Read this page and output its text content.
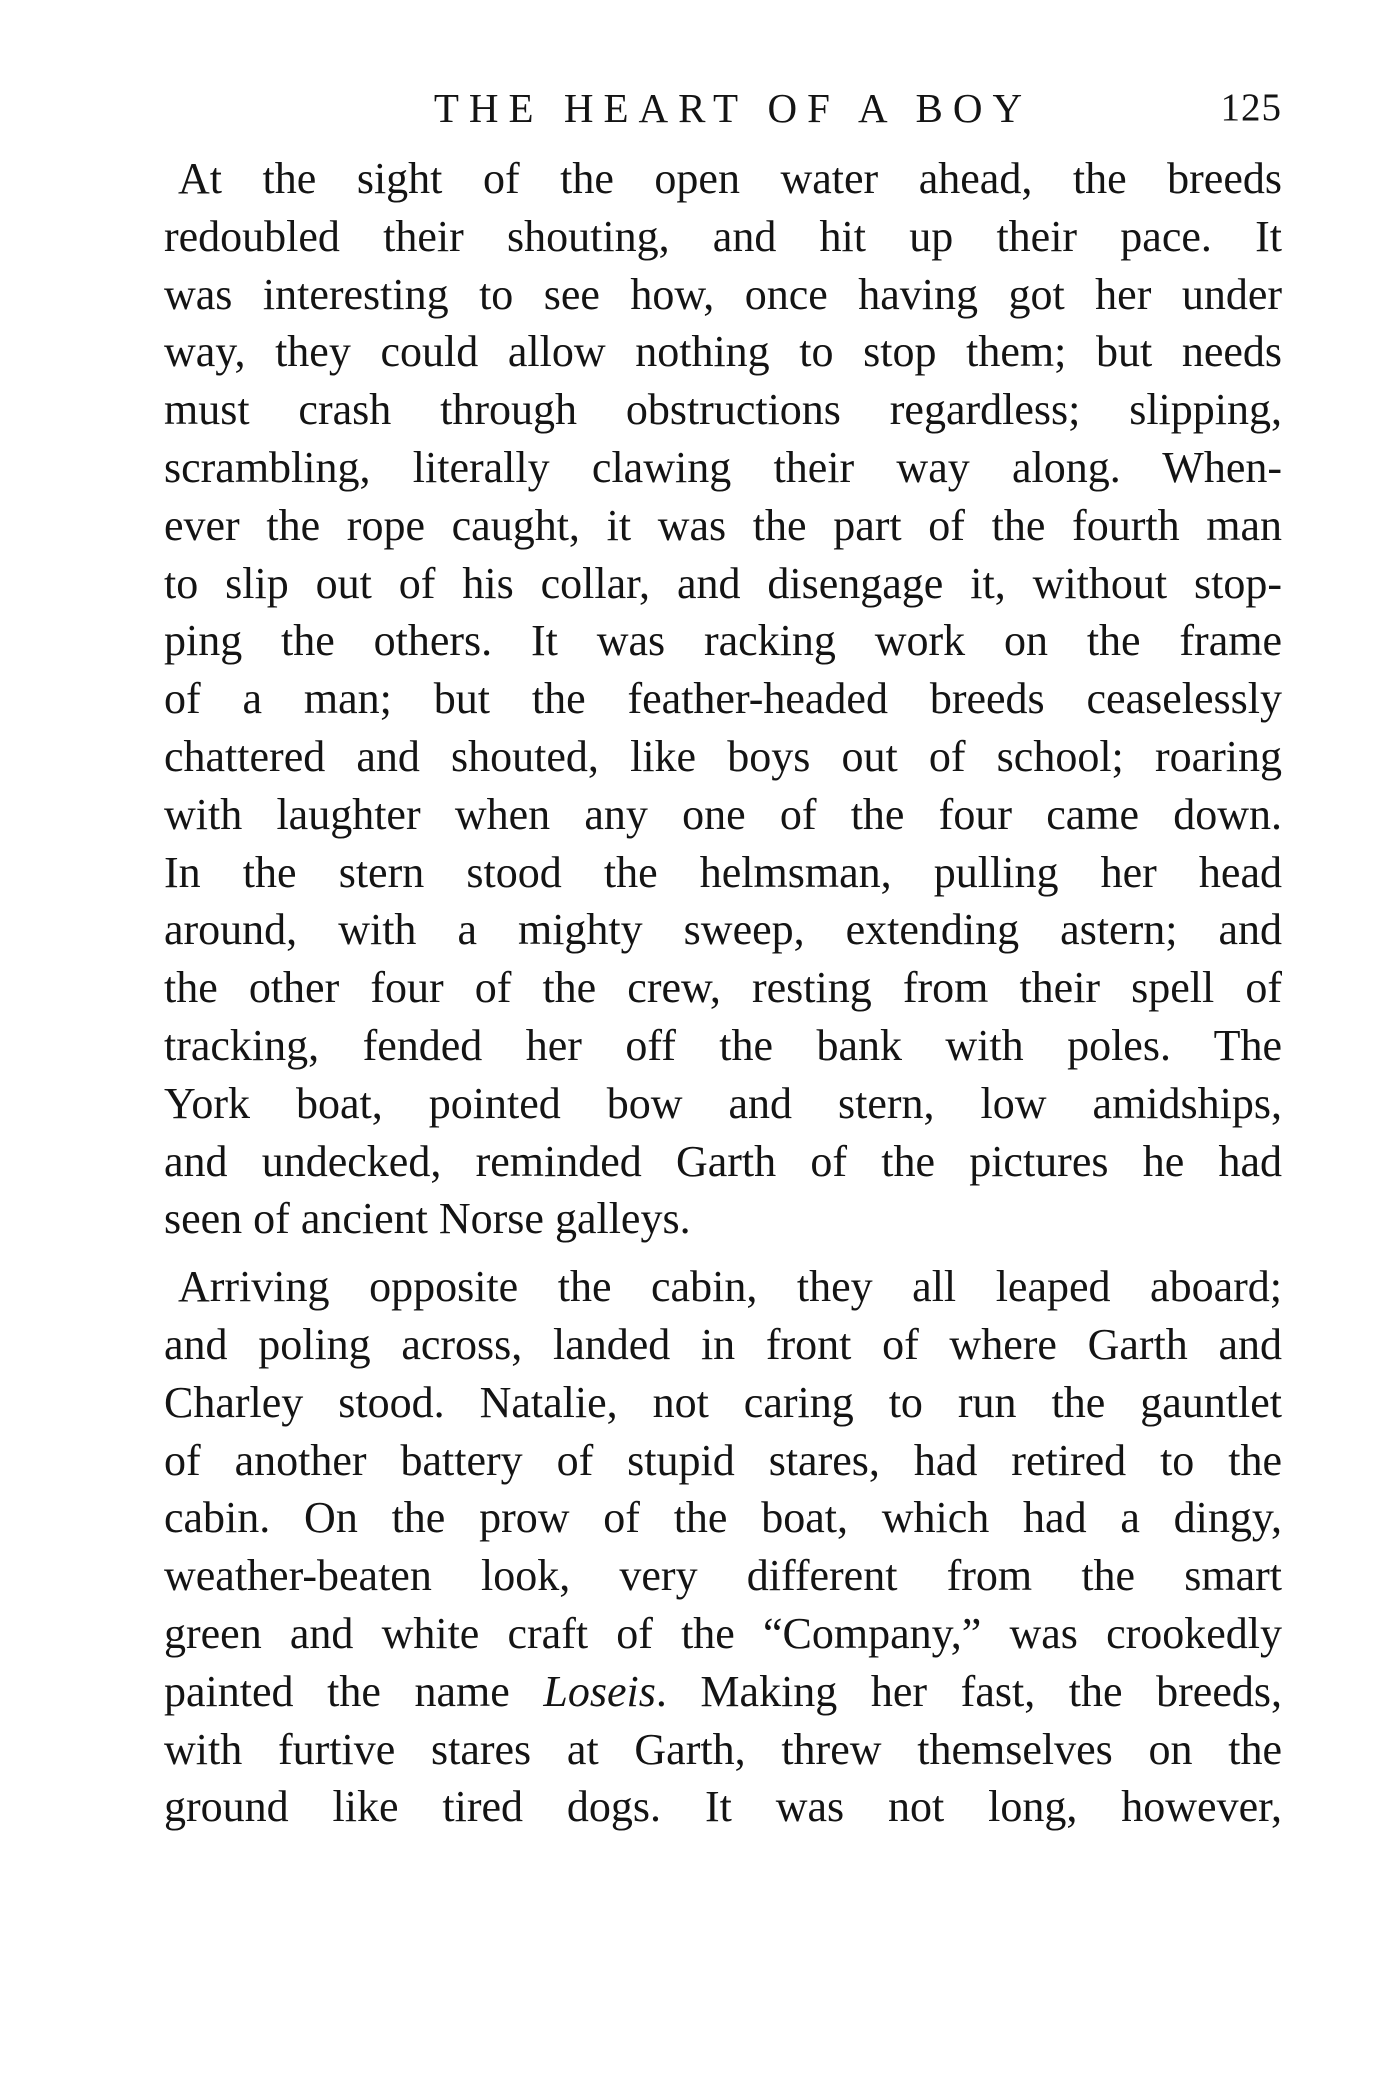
THE HEART OF A BOY	125
At the sight of the open water ahead, the breeds
redoubled their shouting, and hit up their pace. It
was interesting to see how, once having got her under
way, they could allow nothing to stop them; but needs
must crash through obstructions regardless; slipping,
scrambling, literally clawing their way along. When-
ever the rope caught, it was the part of the fourth man
to slip out of his collar, and disengage it, without stop-
ping the others. It was racking work on the frame
of a man; but the feather-headed breeds ceaselessly
chattered and shouted, like boys out of school; roaring
with laughter when any one of the four came down.
In the stern stood the helmsman, pulling her head
around, with a mighty sweep, extending astern; and
the other four of the crew, resting from their spell of
tracking, fended her off the bank with poles. The
York boat, pointed bow and stern, low amidships,
and undecked, reminded Garth of the pictures he had
seen of ancient Norse galleys.
Arriving opposite the cabin, they all leaped aboard;
and poling across, landed in front of where Garth and
Charley stood. Natalie, not caring to run the gauntlet
of another battery of stupid stares, had retired to the
cabin. On the prow of the boat, which had a dingy,
weather-beaten look, very different from the smart
green and white craft of the “Company,” was crookedly
painted the name Loseis. Making her fast, the breeds,
with furtive stares at Garth, threw themselves on the
ground like tired dogs. It was not long, however,
